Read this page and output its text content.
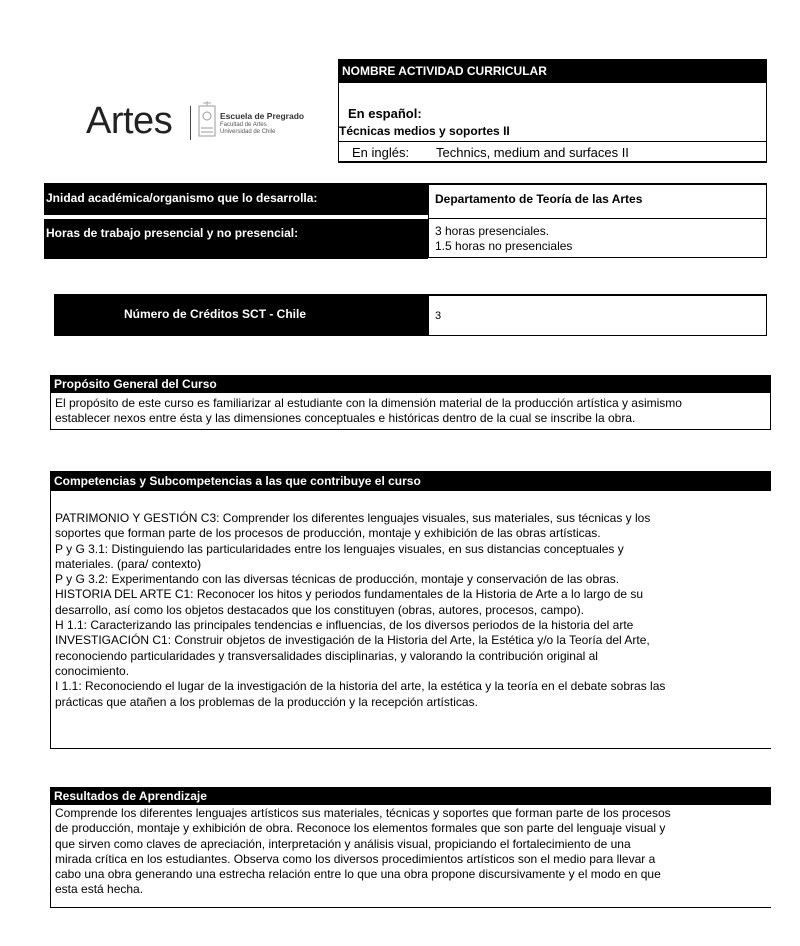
Artes	Escuela de Pregrado
Facultad de Artes
Universidad de Chile
NOMBRE ACTIVIDAD CURRICULAR
En español:
Técnicas medios y soportes II
En inglés: Technics, medium and surfaces II
Jnidad académica/organismo que lo desarrolla:	Departamento de Teoría de las Artes
Horas de trabajo presencial y no presencial:	3 horas presenciales.
1.5 horas no presenciales
Número de Créditos SCT - Chile	3
Propósito General del Curso
El propósito de este curso es familiarizar al estudiante con la dimensión material de la producción artística y asimismo
establecer nexos entre ésta y las dimensiones conceptuales e históricas dentro de la cual se inscribe la obra.
Competencias y Subcompetencias a las que contribuye el curso
PATRIMONIO Y GESTIÓN C3: Comprender los diferentes lenguajes visuales, sus materiales, sus técnicas y los
soportes que forman parte de los procesos de producción, montaje y exhibición de las obras artísticas.
P y G 3.1: Distinguiendo las particularidades entre los lenguajes visuales, en sus distancias conceptuales y
materiales. (para/ contexto)
P y G 3.2: Experimentando con las diversas técnicas de producción, montaje y conservación de las obras.
HISTORIA DEL ARTE C1: Reconocer los hitos y periodos fundamentales de la Historia de Arte a lo largo de su
desarrollo, así como los objetos destacados que los constituyen (obras, autores, procesos, campo).
H 1.1: Caracterizando las principales tendencias e influencias, de los diversos periodos de la historia del arte
INVESTIGACIÓN C1: Construir objetos de investigación de la Historia del Arte, la Estética y/o la Teoría del Arte,
reconociendo particularidades y transversalidades disciplinarias, y valorando la contribución original al
conocimiento.
I 1.1: Reconociendo el lugar de la investigación de la historia del arte, la estética y la teoría en el debate sobras las
prácticas que atañen a los problemas de la producción y la recepción artísticas.
Resultados de Aprendizaje
Comprende los diferentes lenguajes artísticos sus materiales, técnicas y soportes que forman parte de los procesos
de producción, montaje y exhibición de obra. Reconoce los elementos formales que son parte del lenguaje visual y
que sirven como claves de apreciación, interpretación y análisis visual, propiciando el fortalecimiento de una
mirada crítica en los estudiantes. Observa como los diversos procedimientos artísticos son el medio para llevar a
cabo una obra generando una estrecha relación entre lo que una obra propone discursivamente y el modo en que
esta está hecha.
